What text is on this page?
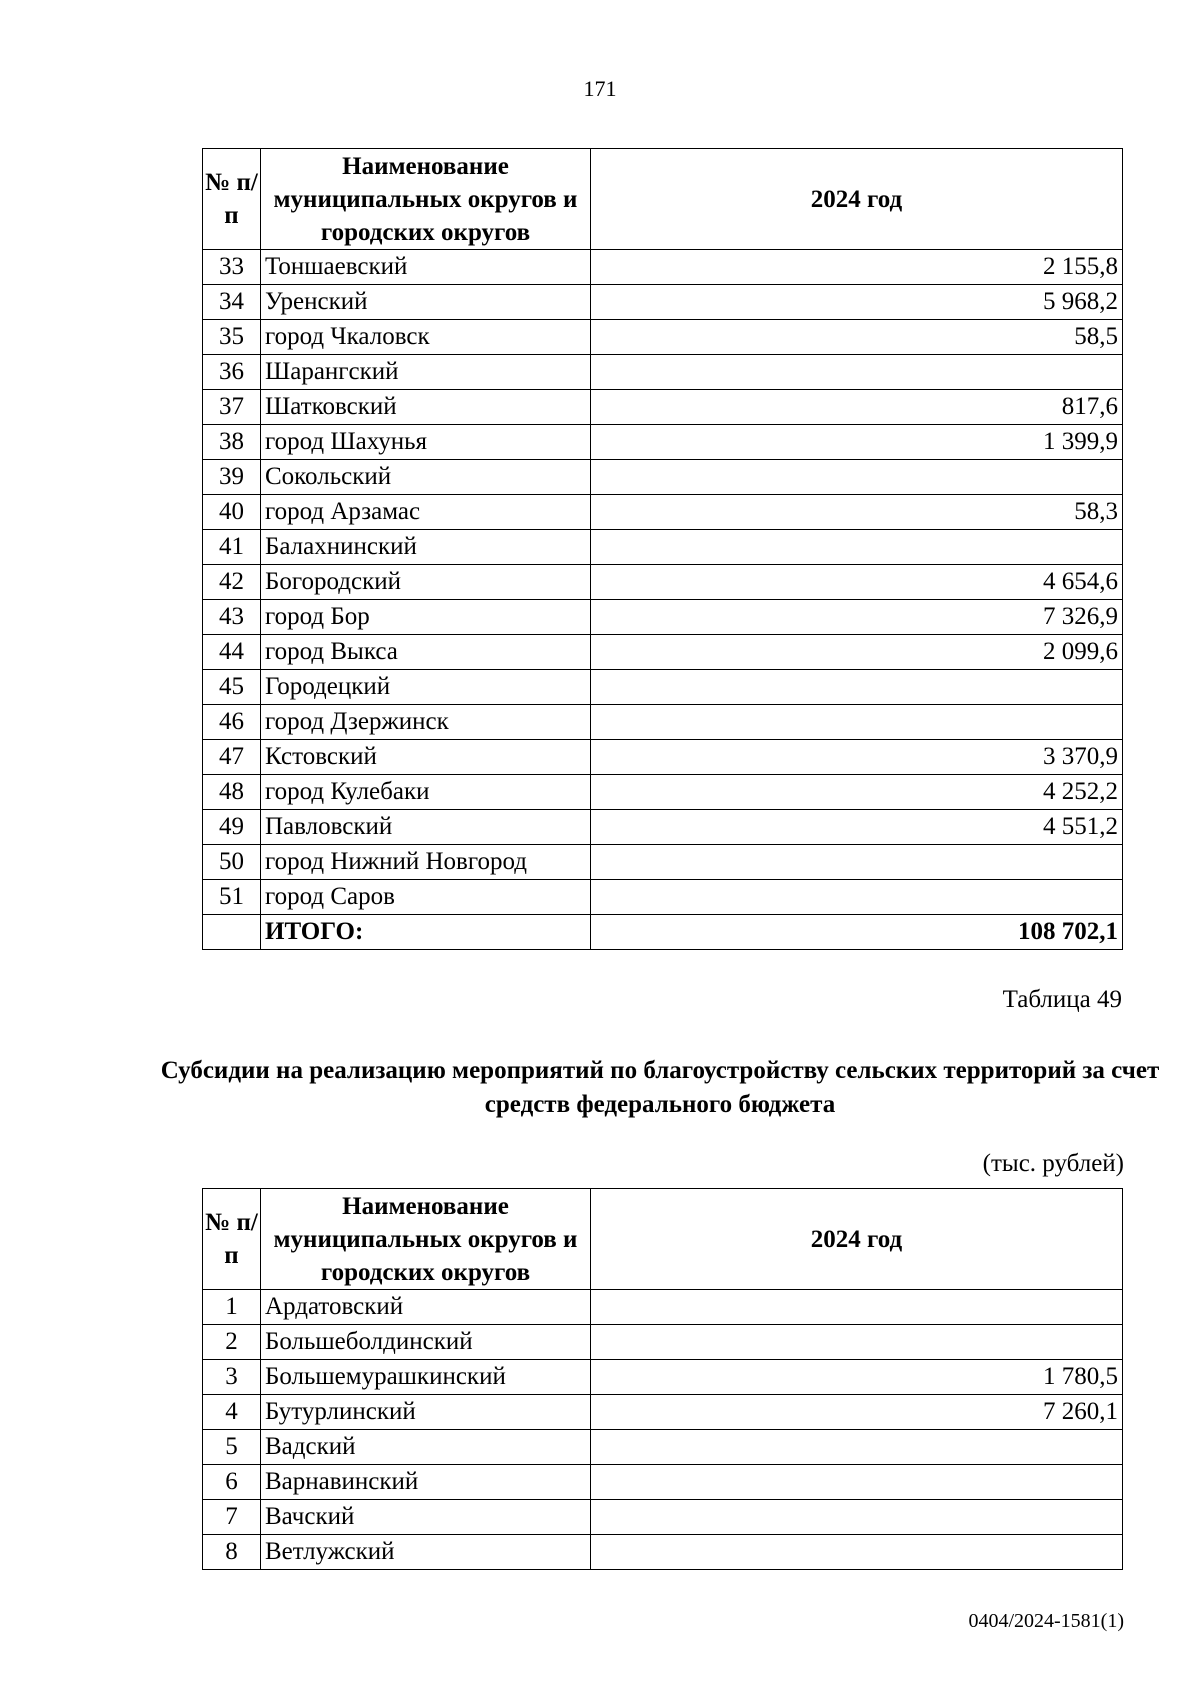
171
№ п/п	Наименование муниципальных округов и городских округов	2024 год
33	Тоншаевский	2 155,8
34	Уренский	5 968,2
35	город Чкаловск	58,5
36	Шарангский	
37	Шатковский	817,6
38	город Шахунья	1 399,9
39	Сокольский	
40	город Арзамас	58,3
41	Балахнинский	
42	Богородский	4 654,6
43	город Бор	7 326,9
44	город Выкса	2 099,6
45	Городецкий	
46	город Дзержинск	
47	Кстовский	3 370,9
48	город Кулебаки	4 252,2
49	Павловский	4 551,2
50	город Нижний Новгород	
51	город Саров	
	ИТОГО:	108 702,1
Таблица 49
Субсидии на реализацию мероприятий по благоустройству сельских территорий за счет средств федерального бюджета
(тыс. рублей)
№ п/п	Наименование муниципальных округов и городских округов	2024 год
1	Ардатовский	
2	Большеболдинский	
3	Большемурашкинский	1 780,5
4	Бутурлинский	7 260,1
5	Вадский	
6	Варнавинский	
7	Вачский	
8	Ветлужский	
0404/2024-1581(1)
